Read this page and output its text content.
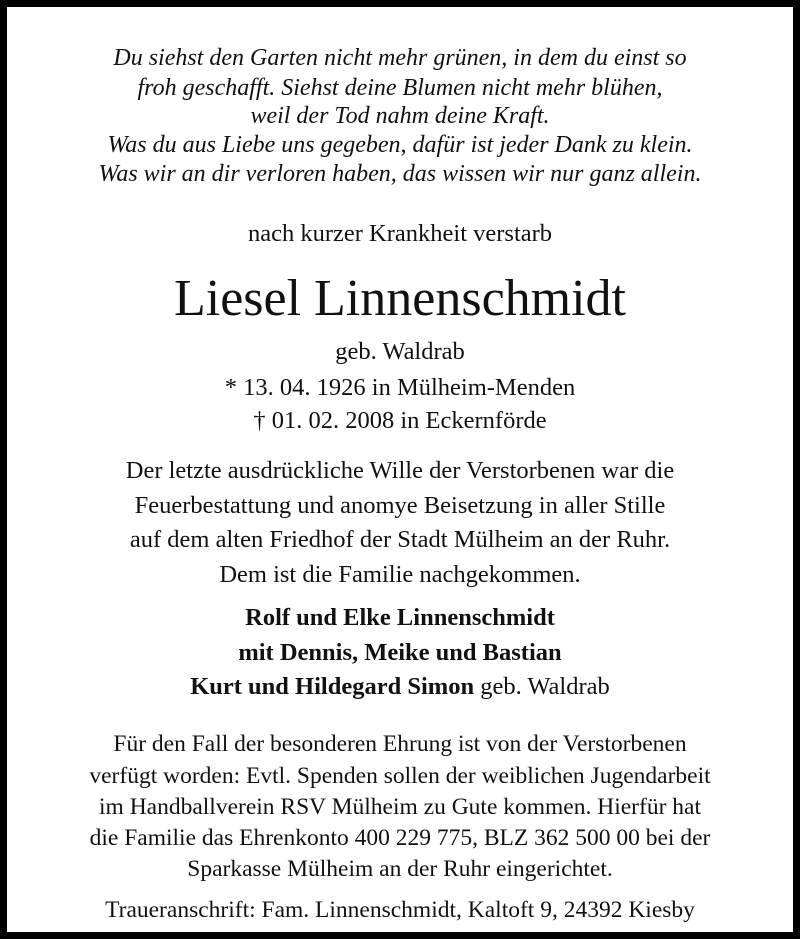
Du siehst den Garten nicht mehr grünen, in dem du einst so
froh geschafft. Siehst deine Blumen nicht mehr blühen,
weil der Tod nahm deine Kraft.
Was du aus Liebe uns gegeben, dafür ist jeder Dank zu klein.
Was wir an dir verloren haben, das wissen wir nur ganz allein.
nach kurzer Krankheit verstarb
Liesel Linnenschmidt
geb. Waldrab
* 13. 04. 1926 in Mülheim-Menden
† 01. 02. 2008 in Eckernförde
Der letzte ausdrückliche Wille der Verstorbenen war die
Feuerbestattung und anomye Beisetzung in aller Stille
auf dem alten Friedhof der Stadt Mülheim an der Ruhr.
Dem ist die Familie nachgekommen.
Rolf und Elke Linnenschmidt
mit Dennis, Meike und Bastian
Kurt und Hildegard Simon geb. Waldrab
Für den Fall der besonderen Ehrung ist von der Verstorbenen
verfügt worden: Evtl. Spenden sollen der weiblichen Jugendarbeit
im Handballverein RSV Mülheim zu Gute kommen. Hierfür hat
die Familie das Ehrenkonto 400 229 775, BLZ 362 500 00 bei der
Sparkasse Mülheim an der Ruhr eingerichtet.
Traueranschrift: Fam. Linnenschmidt, Kaltoft 9, 24392 Kiesby
